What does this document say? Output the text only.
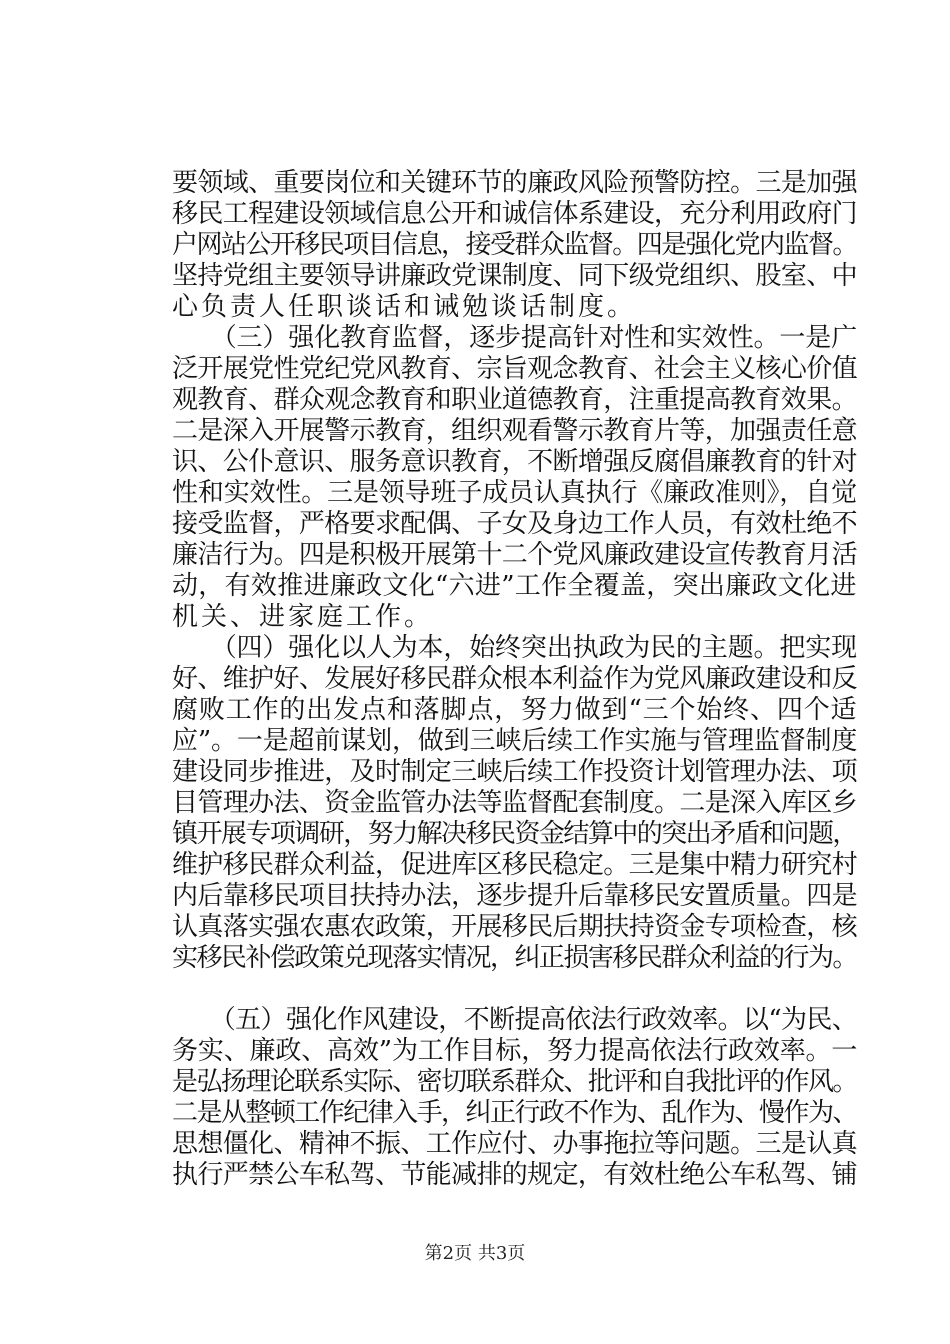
要领域、重要岗位和关键环节的廉政风险预警防控。三是加强
移民工程建设领域信息公开和诚信体系建设，充分利用政府门
户网站公开移民项目信息，接受群众监督。四是强化党内监督。
坚持党组主要领导讲廉政党课制度、同下级党组织、股室、中
心负责人任职谈话和诫勉谈话制度。
　　（三）强化教育监督，逐步提高针对性和实效性。一是广
泛开展党性党纪党风教育、宗旨观念教育、社会主义核心价值
观教育、群众观念教育和职业道德教育，注重提高教育效果。
二是深入开展警示教育，组织观看警示教育片等，加强责任意
识、公仆意识、服务意识教育，不断增强反腐倡廉教育的针对
性和实效性。三是领导班子成员认真执行《廉政准则》，自觉
接受监督，严格要求配偶、子女及身边工作人员，有效杜绝不
廉洁行为。四是积极开展第十二个党风廉政建设宣传教育月活
动，有效推进廉政文化“六进”工作全覆盖，突出廉政文化进
机关、进家庭工作。
　　（四）强化以人为本，始终突出执政为民的主题。把实现
好、维护好、发展好移民群众根本利益作为党风廉政建设和反
腐败工作的出发点和落脚点，努力做到“三个始终、四个适
应”。一是超前谋划，做到三峡后续工作实施与管理监督制度
建设同步推进，及时制定三峡后续工作投资计划管理办法、项
目管理办法、资金监管办法等监督配套制度。二是深入库区乡
镇开展专项调研，努力解决移民资金结算中的突出矛盾和问题，
维护移民群众利益，促进库区移民稳定。三是集中精力研究村
内后靠移民项目扶持办法，逐步提升后靠移民安置质量。四是
认真落实强农惠农政策，开展移民后期扶持资金专项检查，核
实移民补偿政策兑现落实情况，纠正损害移民群众利益的行为。
　　（五）强化作风建设，不断提高依法行政效率。以“为民、
务实、廉政、高效”为工作目标，努力提高依法行政效率。一
是弘扬理论联系实际、密切联系群众、批评和自我批评的作风。
二是从整顿工作纪律入手，纠正行政不作为、乱作为、慢作为、
思想僵化、精神不振、工作应付、办事拖拉等问题。三是认真
执行严禁公车私驾、节能减排的规定，有效杜绝公车私驾、铺
第2页 共3页
